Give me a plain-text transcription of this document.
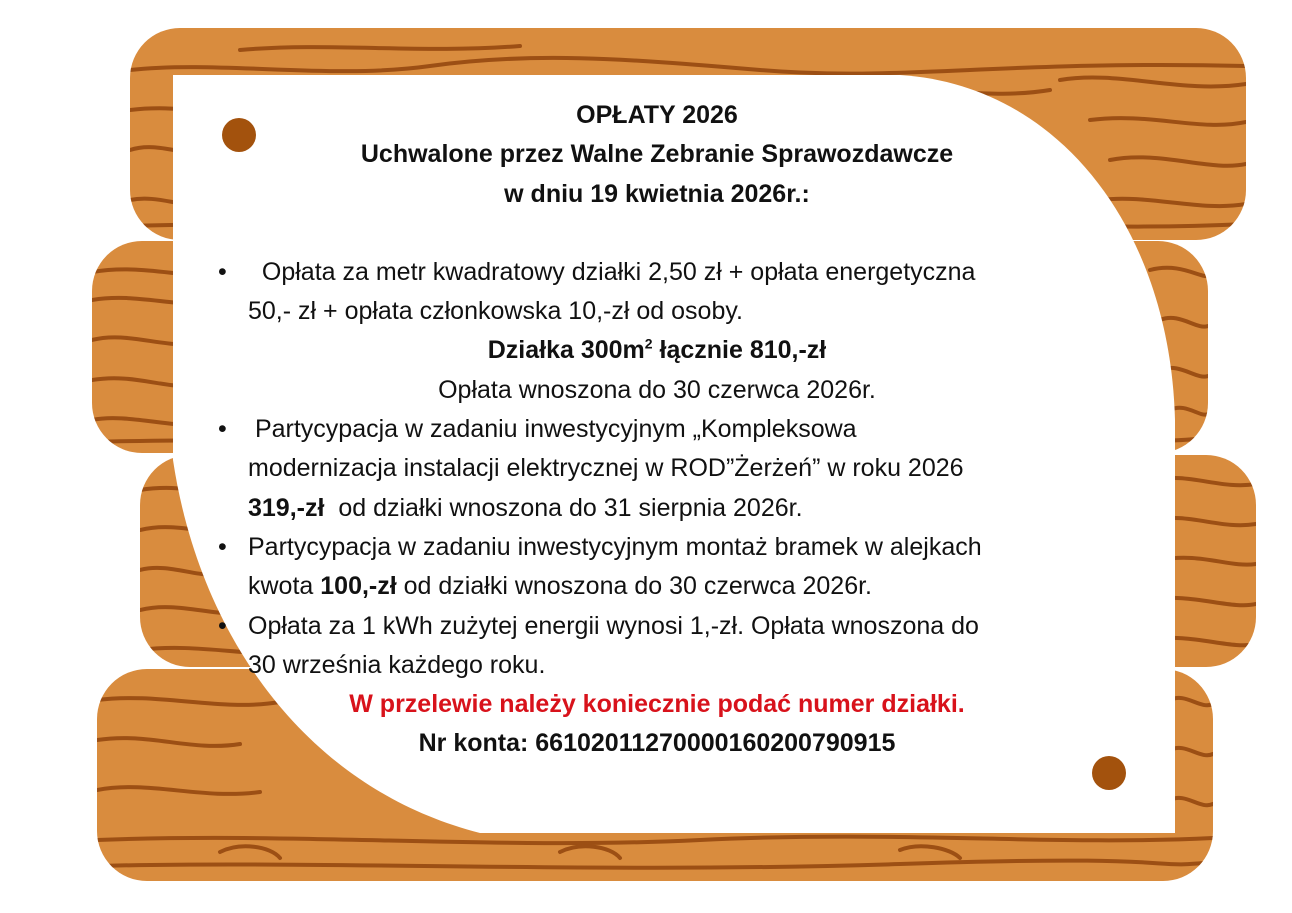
OPŁATY 2026
Uchwalone przez Walne Zebranie Sprawozdawcze
w dniu 19 kwietnia 2026r.:
• Opłata za metr kwadratowy działki 2,50 zł + opłata energetyczna
50,- zł + opłata członkowska 10,-zł od osoby.
Działka $300m^2$ łącznie 810,-zł
Opłata wnoszona do 30 czerwca 2026r.
• Partycypacja w zadaniu inwestycyjnym „Kompleksowa
modernizacja instalacji elektrycznej w ROD”Żerżeń” w roku 2026
319,-zł  od działki wnoszona do 31 sierpnia 2026r.
• Partycypacja w zadaniu inwestycyjnym montaż bramek w alejkach
kwota 100,-zł od działki wnoszona do 30 czerwca 2026r.
• Opłata za 1 kWh zużytej energii wynosi 1,-zł. Opłata wnoszona do
30 września każdego roku.
W przelewie należy koniecznie podać numer działki.
Nr konta: 66102011270000160200790915
